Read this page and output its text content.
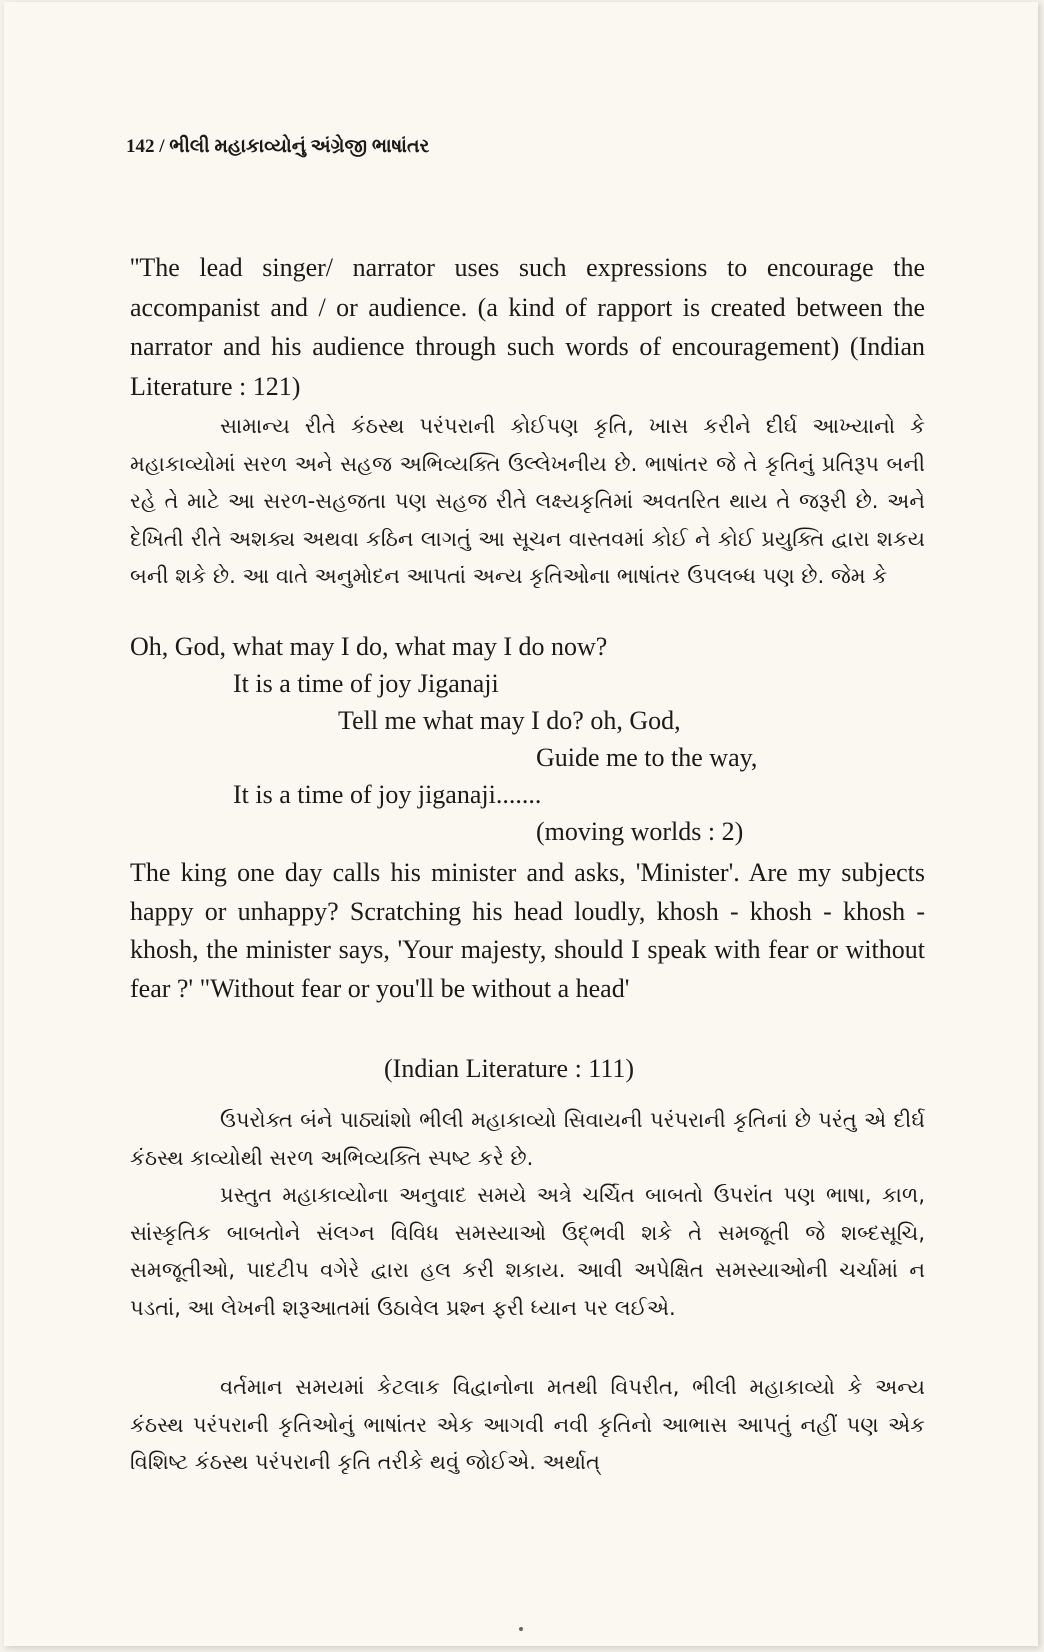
142 / ભીલી મહાકાવ્યોનું અંગ્રેજી ભાષાંતર
''The lead singer/ narrator uses such expressions to encourage the accompanist and / or audience. (a kind of rapport is created between the narrator and his audience through such words of encouragement) (Indian Literature : 121)
સામાન્ય રીતે કંઠસ્થ પરંપરાની કોઈપણ કૃતિ, ખાસ કરીને દીર્ઘ આખ્યાનો કે મહાકાવ્યોમાં સરળ અને સહજ અભિવ્યક્તિ ઉલ્લેખનીય છે. ભાષાંતર જે તે કૃતિનું પ્રતિરૂપ બની રહે તે માટે આ સરળ-સહજતા પણ સહજ રીતે લક્ષ્યકૃતિમાં અવતરિત થાય તે જરૂરી છે. અને દેખિતી રીતે અશક્ય અથવા કઠિન લાગતું આ સૂચન વાસ્તવમાં કોઈ ને કોઈ પ્રયુક્તિ દ્વારા શકય બની શકે છે. આ વાતે અનુમોદન આપતાં અન્ય કૃતિઓના ભાષાંતર ઉપલબ્ધ પણ છે. જેમ કે
Oh, God, what may I do, what may I do now?
It is a time of joy Jiganaji
Tell me what may I do? oh, God,
Guide me to the way,
It is a time of joy jiganaji.......
(moving worlds : 2)
The king one day calls his minister and asks, 'Minister'. Are my subjects happy or unhappy? Scratching his head loudly, khosh - khosh - khosh - khosh, the minister says, 'Your majesty, should I speak with fear or without fear ?' "Without fear or you'll be without a head'
(Indian Literature : 111)
ઉપરોક્ત બંને પાઠ્યાંશો ભીલી મહાકાવ્યો સિવાયની પરંપરાની કૃતિનાં છે પરંતુ એ દીર્ઘ કંઠસ્થ કાવ્યોથી સરળ અભિવ્યક્તિ સ્પષ્ટ કરે છે.
પ્રસ્તુત મહાકાવ્યોના અનુવાદ સમયે અત્રે ચર્ચિત બાબતો ઉપરાંત પણ ભાષા, કાળ, સાંસ્કૃતિક બાબતોને સંલગ્ન વિવિધ સમસ્યાઓ ઉદ્ભવી શકે તે સમજૂતી જે શબ્દસૂચિ, સમજૂતીઓ, પાદટીપ વગેરે દ્વારા હલ કરી શકાય. આવી અપેક્ષિત સમસ્યાઓની ચર્ચામાં ન પડતાં, આ લેખની શરૂઆતમાં ઉઠાવેલ પ્રશ્ન ફરી ધ્યાન પર લઈએ.
વર્તમાન સમયમાં કેટલાક વિદ્વાનોના મતથી વિપરીત, ભીલી મહાકાવ્યો કે અન્ય કંઠસ્થ પરંપરાની કૃતિઓનું ભાષાંતર એક આગવી નવી કૃતિનો આભાસ આપતું નહીં પણ એક વિશિષ્ટ કંઠસ્થ પરંપરાની કૃતિ તરીકે થવું જોઈએ. અર્થાત્
